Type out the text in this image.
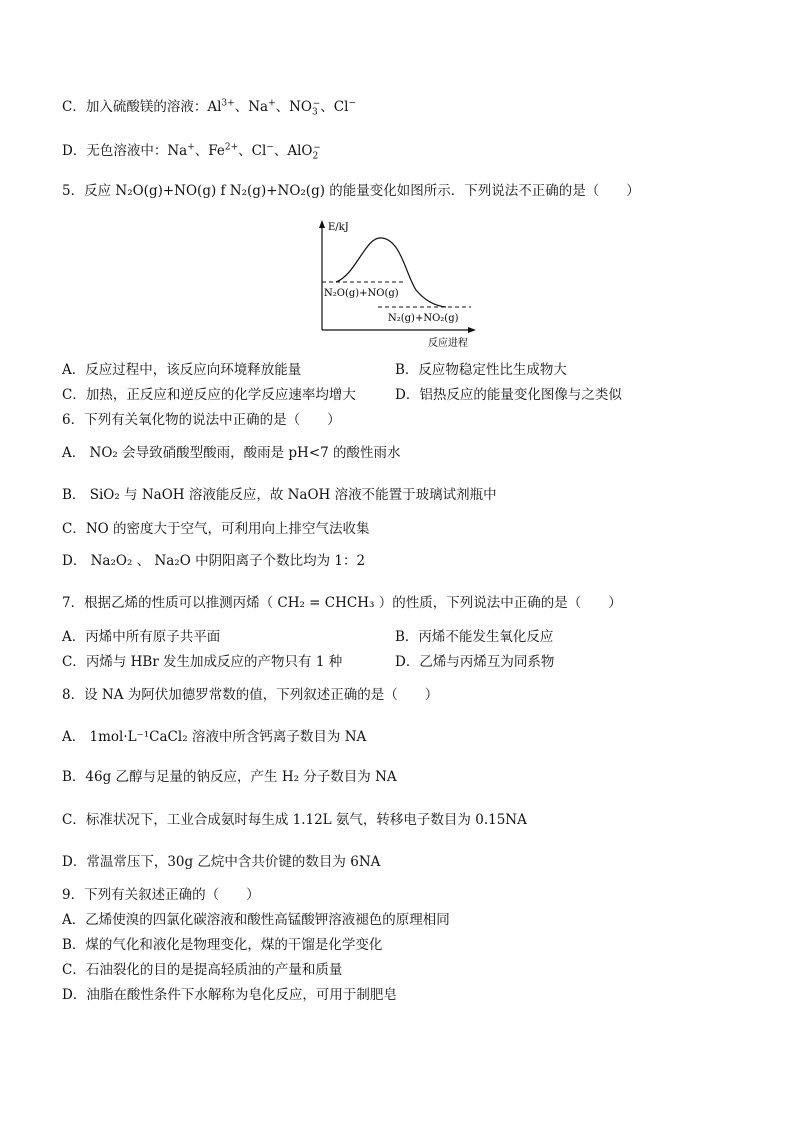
C．加入硫酸镁的溶液：$Al^{3+}$、Na+、$NO_3^-$、Cl−
D．无色溶液中：Na+、$Fe^{2+}$、Cl−、AlO$_2$−
5．反应 N₂O(g)+NO(g) f N₂(g)+NO₂(g) 的能量变化如图所示．下列说法不正确的是（　　）
E/kJ
N₂O(g)+NO(g)
N₂(g)+NO₂(g)
反应进程
A．反应过程中，该反应向环境释放能量	B．反应物稳定性比生成物大
C．加热，正反应和逆反应的化学反应速率均增大	D．铝热反应的能量变化图像与之类似
6．下列有关氧化物的说法中正确的是（　　）
A． NO₂ 会导致硝酸型酸雨，酸雨是 pH<7 的酸性雨水
B． SiO₂ 与 NaOH 溶液能反应，故 NaOH 溶液不能置于玻璃试剂瓶中
C．NO 的密度大于空气，可利用向上排空气法收集
D． Na₂O₂ 、 Na₂O 中阴阳离子个数比均为 1：2
7．根据乙烯的性质可以推测丙烯（ CH₂ = CHCH₃ ）的性质，下列说法中正确的是（　　）
A．丙烯中所有原子共平面	B．丙烯不能发生氧化反应
C．丙烯与 HBr 发生加成反应的产物只有 1 种	D．乙烯与丙烯互为同系物
8．设 NA 为阿伏加德罗常数的值，下列叙述正确的是（　　）
A． 1mol·L⁻¹CaCl₂ 溶液中所含钙离子数目为 NA
B．46g 乙醇与足量的钠反应，产生 H₂ 分子数目为 NA
C．标准状况下，工业合成氨时每生成 1.12L 氨气，转移电子数目为 0.15NA
D．常温常压下，30g 乙烷中含共价键的数目为 6NA
9．下列有关叙述正确的（　　）
A．乙烯使溴的四氯化碳溶液和酸性高锰酸钾溶液褪色的原理相同
B．煤的气化和液化是物理变化，煤的干馏是化学变化
C．石油裂化的目的是提高轻质油的产量和质量
D．油脂在酸性条件下水解称为皂化反应，可用于制肥皂
